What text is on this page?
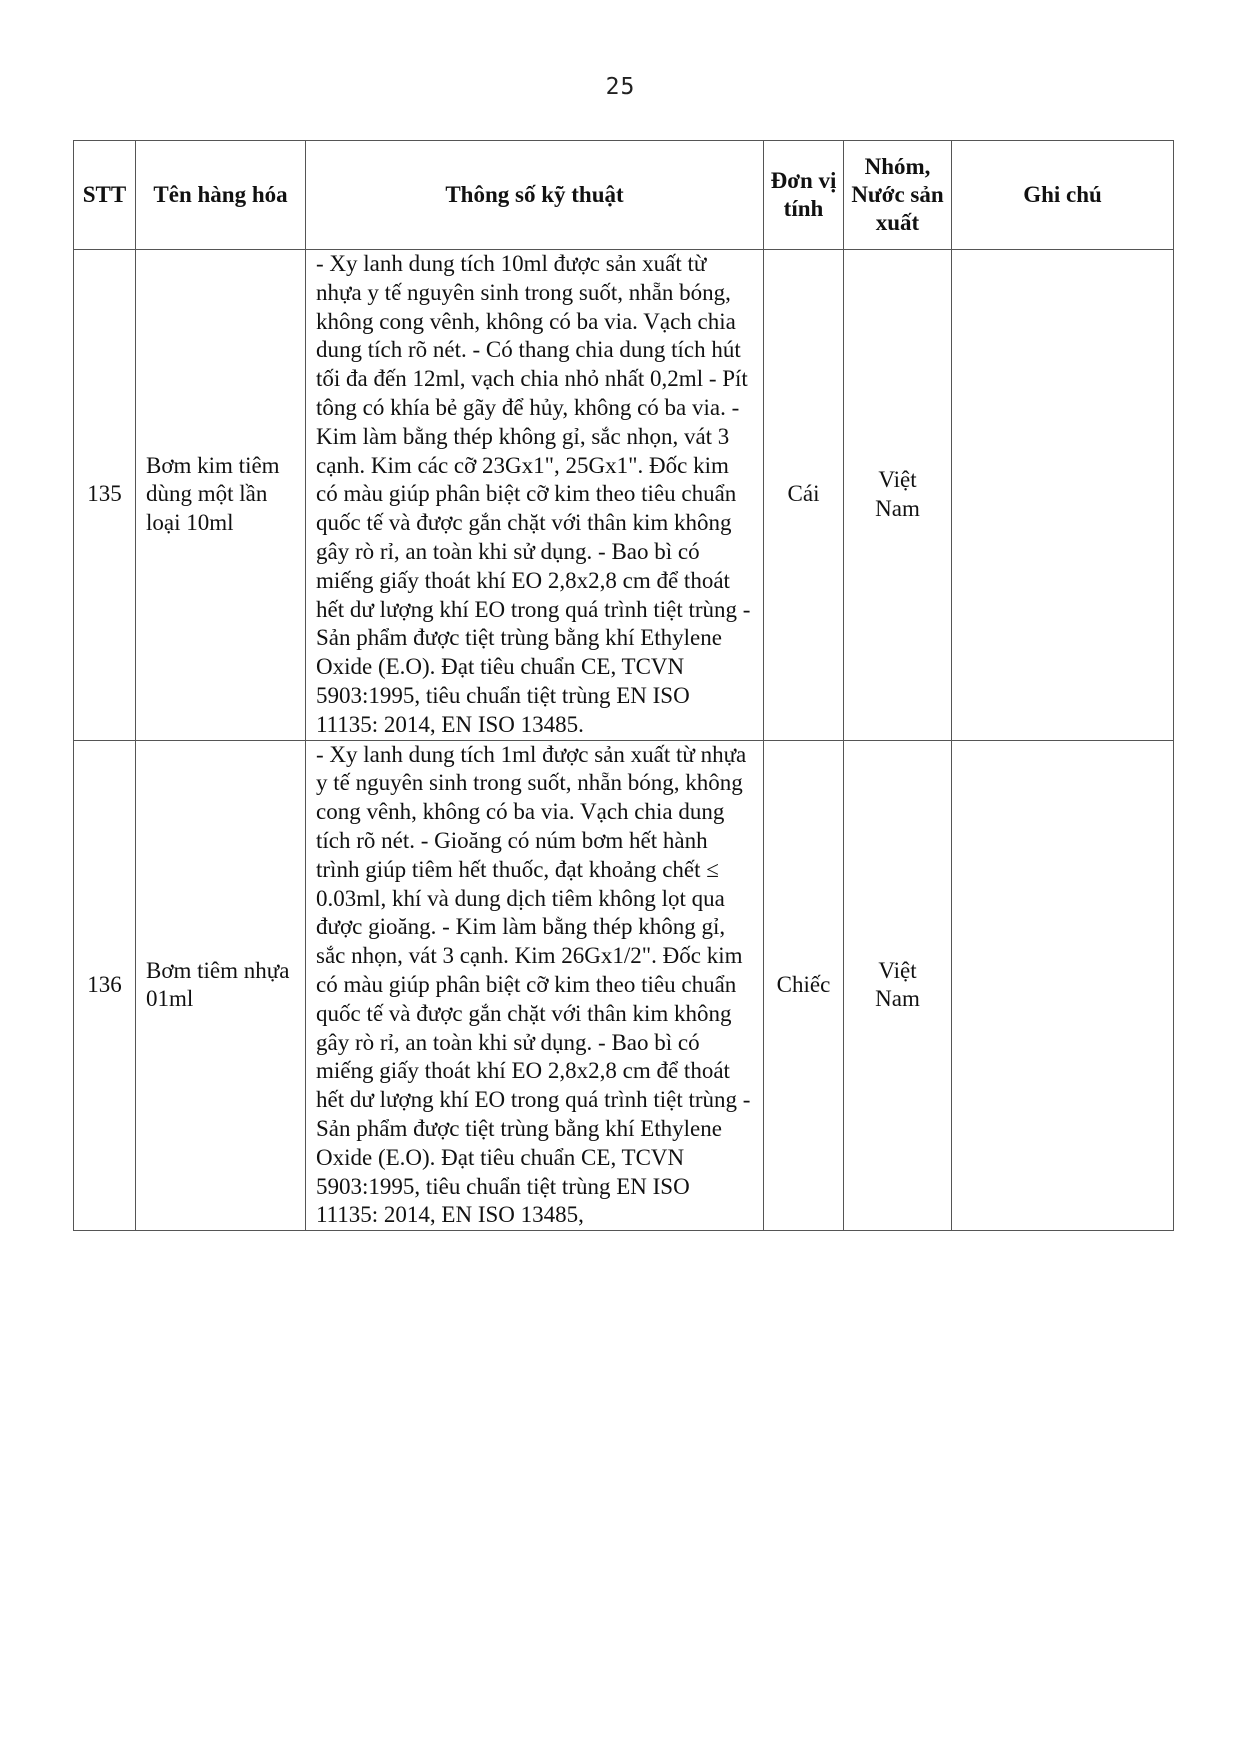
25
STT	Tên hàng hóa	Thông số kỹ thuật	Đơn vị tính	Nhóm, Nước sản xuất	Ghi chú
135	Bơm kim tiêm dùng một lần loại 10ml	- Xy lanh dung tích 10ml được sản xuất từ nhựa y tế nguyên sinh trong suốt, nhẵn bóng, không cong vênh, không có ba via. Vạch chia dung tích rõ nét. - Có thang chia dung tích hút tối đa đến 12ml, vạch chia nhỏ nhất 0,2ml - Pít tông có khía bẻ gãy để hủy, không có ba via. - Kim làm bằng thép không gỉ, sắc nhọn, vát 3 cạnh. Kim các cỡ 23Gx1", 25Gx1". Đốc kim có màu giúp phân biệt cỡ kim theo tiêu chuẩn quốc tế và được gắn chặt với thân kim không gây rò rỉ, an toàn khi sử dụng. - Bao bì có miếng giấy thoát khí EO 2,8x2,8 cm để thoát hết dư lượng khí EO trong quá trình tiệt trùng - Sản phẩm được tiệt trùng bằng khí Ethylene Oxide (E.O). Đạt tiêu chuẩn CE, TCVN 5903:1995, tiêu chuẩn tiệt trùng EN ISO 11135: 2014, EN ISO 13485.	Cái	Việt Nam	
136	Bơm tiêm nhựa 01ml	- Xy lanh dung tích 1ml được sản xuất từ nhựa y tế nguyên sinh trong suốt, nhẵn bóng, không cong vênh, không có ba via. Vạch chia dung tích rõ nét. - Gioăng có núm bơm hết hành trình giúp tiêm hết thuốc, đạt khoảng chết ≤ 0.03ml, khí và dung dịch tiêm không lọt qua được gioăng. - Kim làm bằng thép không gỉ, sắc nhọn, vát 3 cạnh. Kim 26Gx1/2". Đốc kim có màu giúp phân biệt cỡ kim theo tiêu chuẩn quốc tế và được gắn chặt với thân kim không gây rò rỉ, an toàn khi sử dụng. - Bao bì có miếng giấy thoát khí EO 2,8x2,8 cm để thoát hết dư lượng khí EO trong quá trình tiệt trùng - Sản phẩm được tiệt trùng bằng khí Ethylene Oxide (E.O). Đạt tiêu chuẩn CE, TCVN 5903:1995, tiêu chuẩn tiệt trùng EN ISO 11135: 2014, EN ISO 13485,	Chiếc	Việt Nam	
